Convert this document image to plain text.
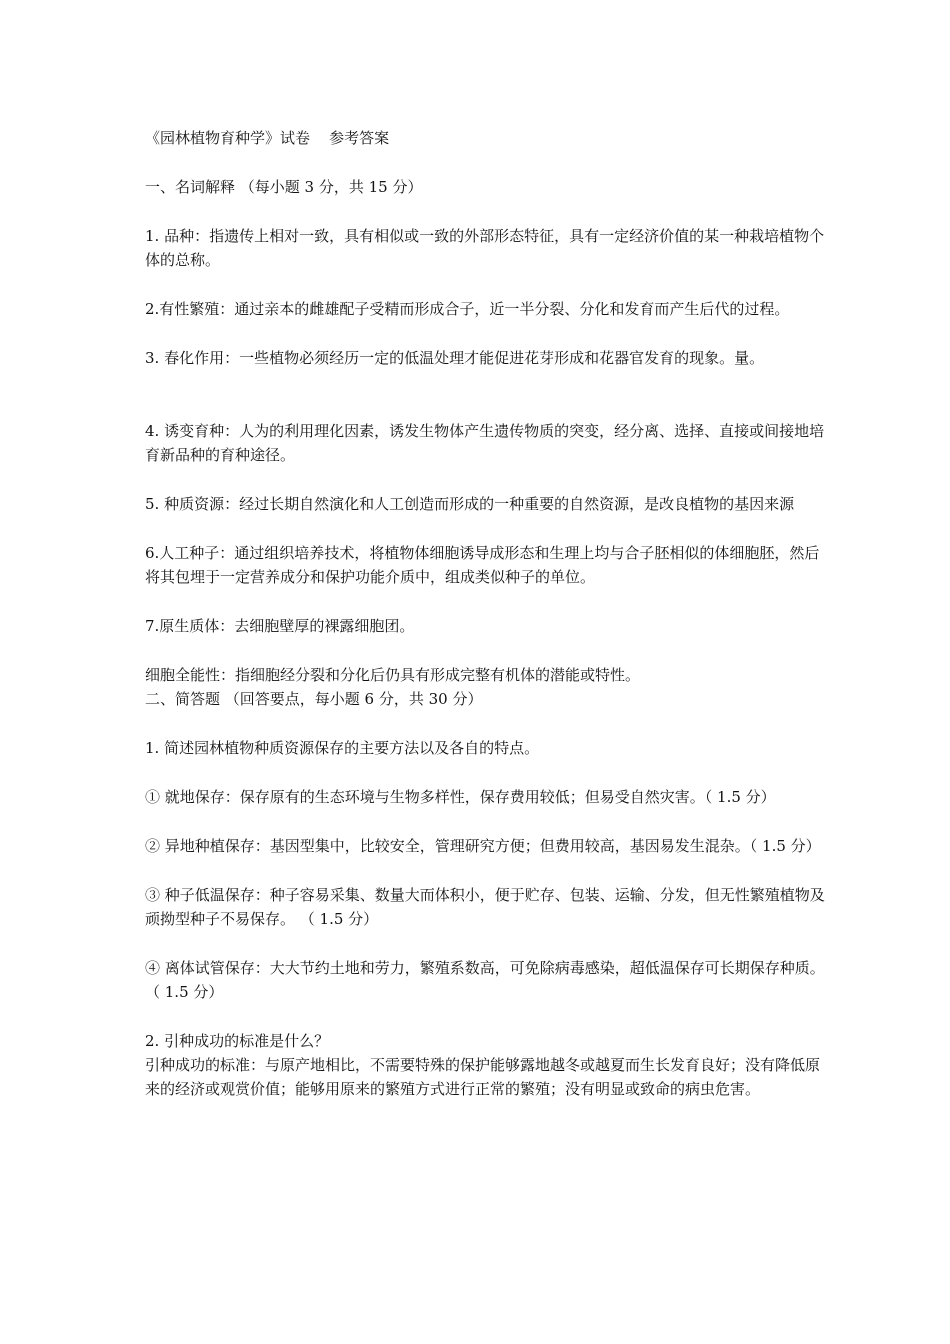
《园林植物育种学》试卷    参考答案

一、名词解释 （每小题 3 分，共 15 分）

1. 品种：指遗传上相对一致，具有相似或一致的外部形态特征，具有一定经济价值的某一种栽培植物个体的总称。

2.有性繁殖：通过亲本的雌雄配子受精而形成合子，近一半分裂、分化和发育而产生后代的过程。

3. 春化作用：一些植物必须经历一定的低温处理才能促进花芽形成和花器官发育的现象。量。

4. 诱变育种：人为的利用理化因素，诱发生物体产生遗传物质的突变，经分离、选择、直接或间接地培育新品种的育种途径。

5. 种质资源：经过长期自然演化和人工创造而形成的一种重要的自然资源，是改良植物的基因来源

6.人工种子：通过组织培养技术，将植物体细胞诱导成形态和生理上均与合子胚相似的体细胞胚，然后将其包埋于一定营养成分和保护功能介质中，组成类似种子的单位。

7.原生质体：去细胞壁厚的裸露细胞团。

细胞全能性：指细胞经分裂和分化后仍具有形成完整有机体的潜能或特性。

二、简答题 （回答要点，每小题 6 分，共 30 分）

1. 简述园林植物种质资源保存的主要方法以及各自的特点。

① 就地保存：保存原有的生态环境与生物多样性，保存费用较低；但易受自然灾害。（ 1.5 分）

② 异地种植保存：基因型集中，比较安全，管理研究方便；但费用较高，基因易发生混杂。（ 1.5 分）

③ 种子低温保存：种子容易采集、数量大而体积小，便于贮存、包装、运输、分发，但无性繁殖植物及顽拗型种子不易保存。 （ 1.5 分）

④ 离体试管保存：大大节约土地和劳力，繁殖系数高，可免除病毒感染，超低温保存可长期保存种质。（ 1.5 分）

2. 引种成功的标准是什么？

引种成功的标准：与原产地相比，不需要特殊的保护能够露地越冬或越夏而生长发育良好；没有降低原来的经济或观赏价值；能够用原来的繁殖方式进行正常的繁殖；没有明显或致命的病虫危害。
